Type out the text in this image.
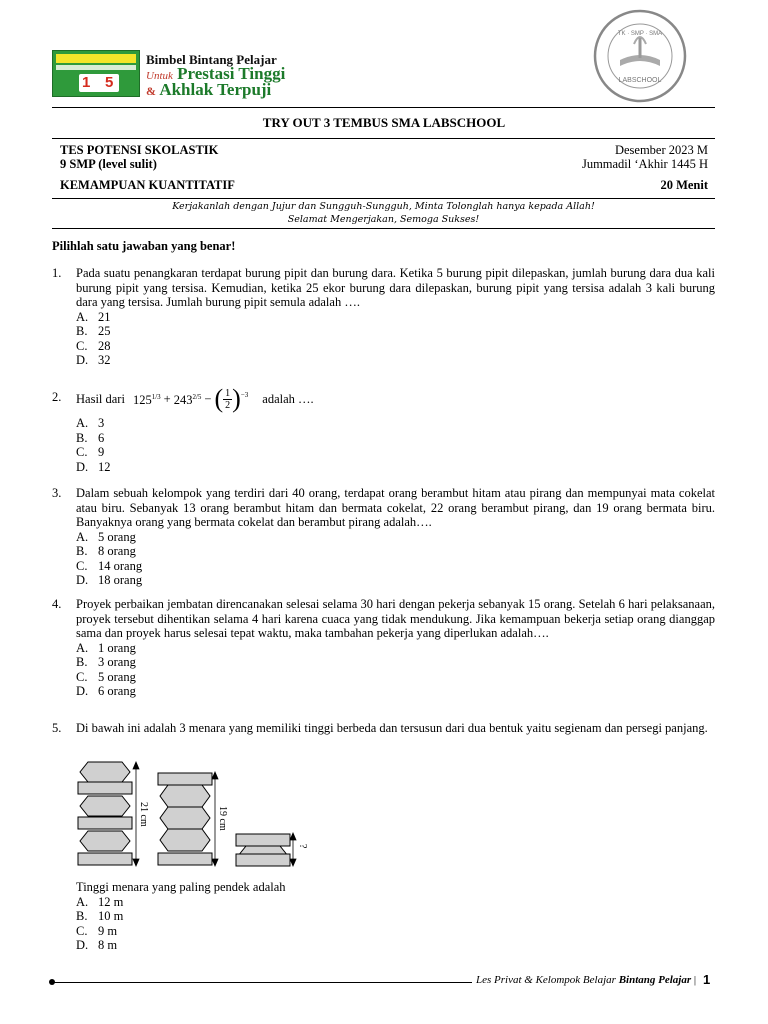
1 5
Bimbel Bintang Pelajar
Untuk Prestasi Tinggi
& Akhlak Terpuji
TK · SMP · SMA
LABSCHOOL
TRY OUT 3 TEMBUS SMA LABSCHOOL
TES POTENSI SKOLASTIK
9 SMP (level sulit)
Desember 2023 M
Jummadil ‘Akhir 1445 H
KEMAMPUAN KUANTITATIF	20 Menit
Kerjakanlah dengan Jujur dan Sungguh-Sungguh, Minta Tolonglah hanya kepada Allah!
Selamat Mengerjakan, Semoga Sukses!
Pilihlah satu jawaban yang benar!
1. Pada suatu penangkaran terdapat burung pipit dan burung dara. Ketika 5 burung pipit dilepaskan, jumlah burung dara dua kali burung pipit yang tersisa. Kemudian, ketika 25 ekor burung dara dilepaskan, burung pipit yang tersisa adalah 3 kali burung dara yang tersisa. Jumlah burung pipit semula adalah ….
A. 21
B. 25
C. 28
D. 32
2. Hasil dari $125^{1/3} + 243^{2/5}$ − ( $\frac{1}{2} )^{-3}$ adalah ….
A. 3
B. 6
C. 9
D. 12
3. Dalam sebuah kelompok yang terdiri dari 40 orang, terdapat orang berambut hitam atau pirang dan mempunyai mata cokelat atau biru. Sebanyak 13 orang berambut hitam dan bermata cokelat, 22 orang berambut pirang, dan 19 orang bermata biru. Banyaknya orang yang bermata cokelat dan berambut pirang adalah….
A. 5 orang
B. 8 orang
C. 14 orang
D. 18 orang
4. Proyek perbaikan jembatan direncanakan selesai selama 30 hari dengan pekerja sebanyak 15 orang. Setelah 6 hari pelaksanaan, proyek tersebut dihentikan selama 4 hari karena cuaca yang tidak mendukung. Jika kemampuan bekerja setiap orang dianggap sama dan proyek harus selesai tepat waktu, maka tambahan pekerja yang diperlukan adalah….
A. 1 orang
B. 3 orang
C. 5 orang
D. 6 orang
5. Di bawah ini adalah 3 menara yang memiliki tinggi berbeda dan tersusun dari dua bentuk yaitu segienam dan persegi panjang.
21 cm	19 cm
?
Tinggi menara yang paling pendek adalah
A. 12 m
B. 10 m
C. 9 m
D. 8 m
Les Privat & Kelompok Belajar Bintang Pelajar | 1
